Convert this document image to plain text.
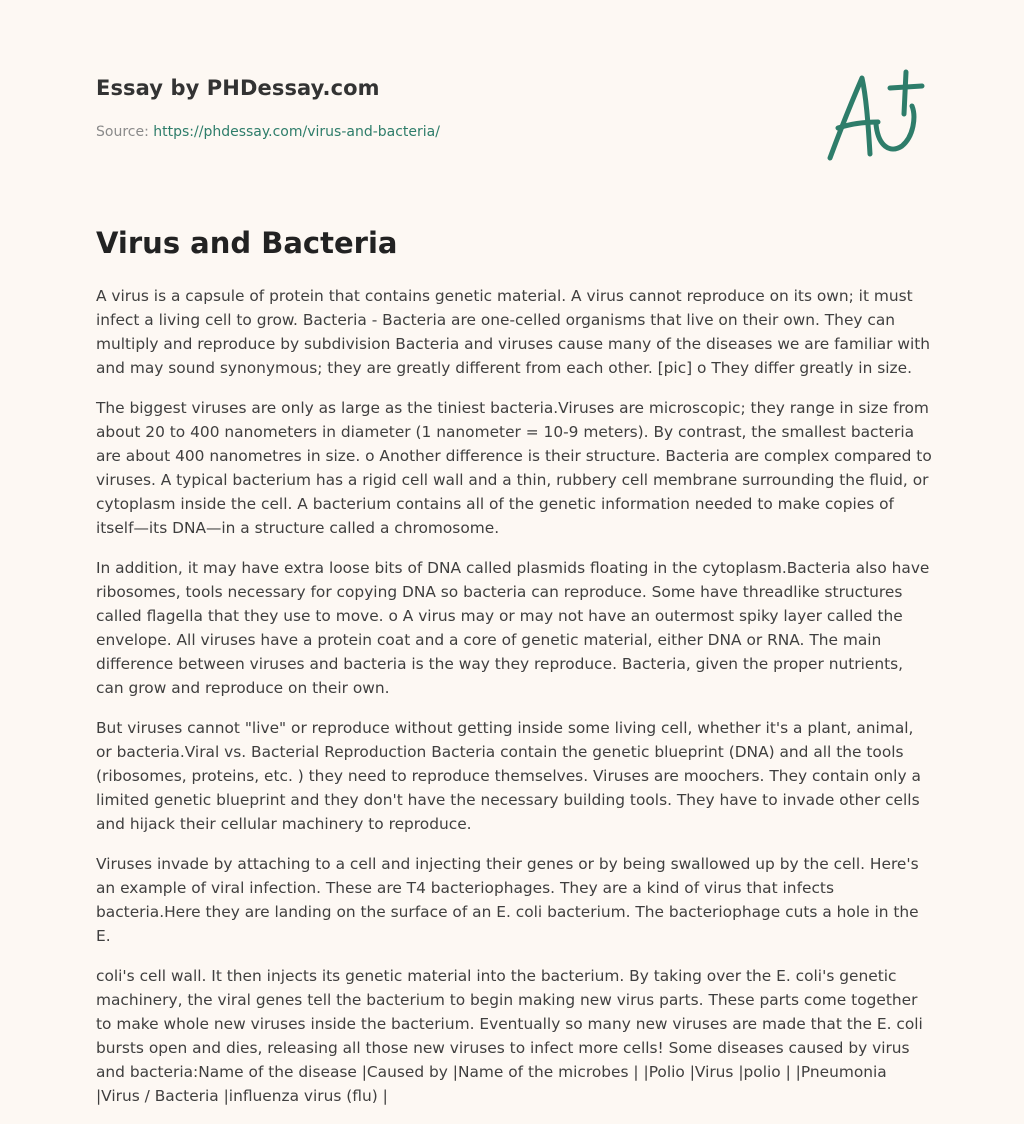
Essay by PHDessay.com
Source: https://phdessay.com/virus-and-bacteria/
Virus and Bacteria

A virus is a capsule of protein that contains genetic material. A virus cannot reproduce on its own; it must infect a living cell to grow. Bacteria - Bacteria are one-celled organisms that live on their own. They can multiply and reproduce by subdivision Bacteria and viruses cause many of the diseases we are familiar with and may sound synonymous; they are greatly different from each other. [pic] o They differ greatly in size.

The biggest viruses are only as large as the tiniest bacteria.Viruses are microscopic; they range in size from about 20 to 400 nanometers in diameter (1 nanometer = 10-9 meters). By contrast, the smallest bacteria are about 400 nanometres in size. o Another difference is their structure. Bacteria are complex compared to viruses. A typical bacterium has a rigid cell wall and a thin, rubbery cell membrane surrounding the fluid, or cytoplasm inside the cell. A bacterium contains all of the genetic information needed to make copies of itself—its DNA—in a structure called a chromosome.

In addition, it may have extra loose bits of DNA called plasmids floating in the cytoplasm.Bacteria also have ribosomes, tools necessary for copying DNA so bacteria can reproduce. Some have threadlike structures called flagella that they use to move. o A virus may or may not have an outermost spiky layer called the envelope. All viruses have a protein coat and a core of genetic material, either DNA or RNA. The main difference between viruses and bacteria is the way they reproduce. Bacteria, given the proper nutrients, can grow and reproduce on their own.

But viruses cannot "live" or reproduce without getting inside some living cell, whether it's a plant, animal, or bacteria.Viral vs. Bacterial Reproduction Bacteria contain the genetic blueprint (DNA) and all the tools (ribosomes, proteins, etc. ) they need to reproduce themselves. Viruses are moochers. They contain only a limited genetic blueprint and they don't have the necessary building tools. They have to invade other cells and hijack their cellular machinery to reproduce.

Viruses invade by attaching to a cell and injecting their genes or by being swallowed up by the cell. Here's an example of viral infection. These are T4 bacteriophages. They are a kind of virus that infects bacteria.Here they are landing on the surface of an E. coli bacterium. The bacteriophage cuts a hole in the E.

coli's cell wall. It then injects its genetic material into the bacterium. By taking over the E. coli's genetic machinery, the viral genes tell the bacterium to begin making new virus parts. These parts come together to make whole new viruses inside the bacterium. Eventually so many new viruses are made that the E. coli bursts open and dies, releasing all those new viruses to infect more cells! Some diseases caused by virus and bacteria:Name of the disease |Caused by |Name of the microbes | |Polio |Virus |polio | |Pneumonia |Virus / Bacteria |influenza virus (flu) |
